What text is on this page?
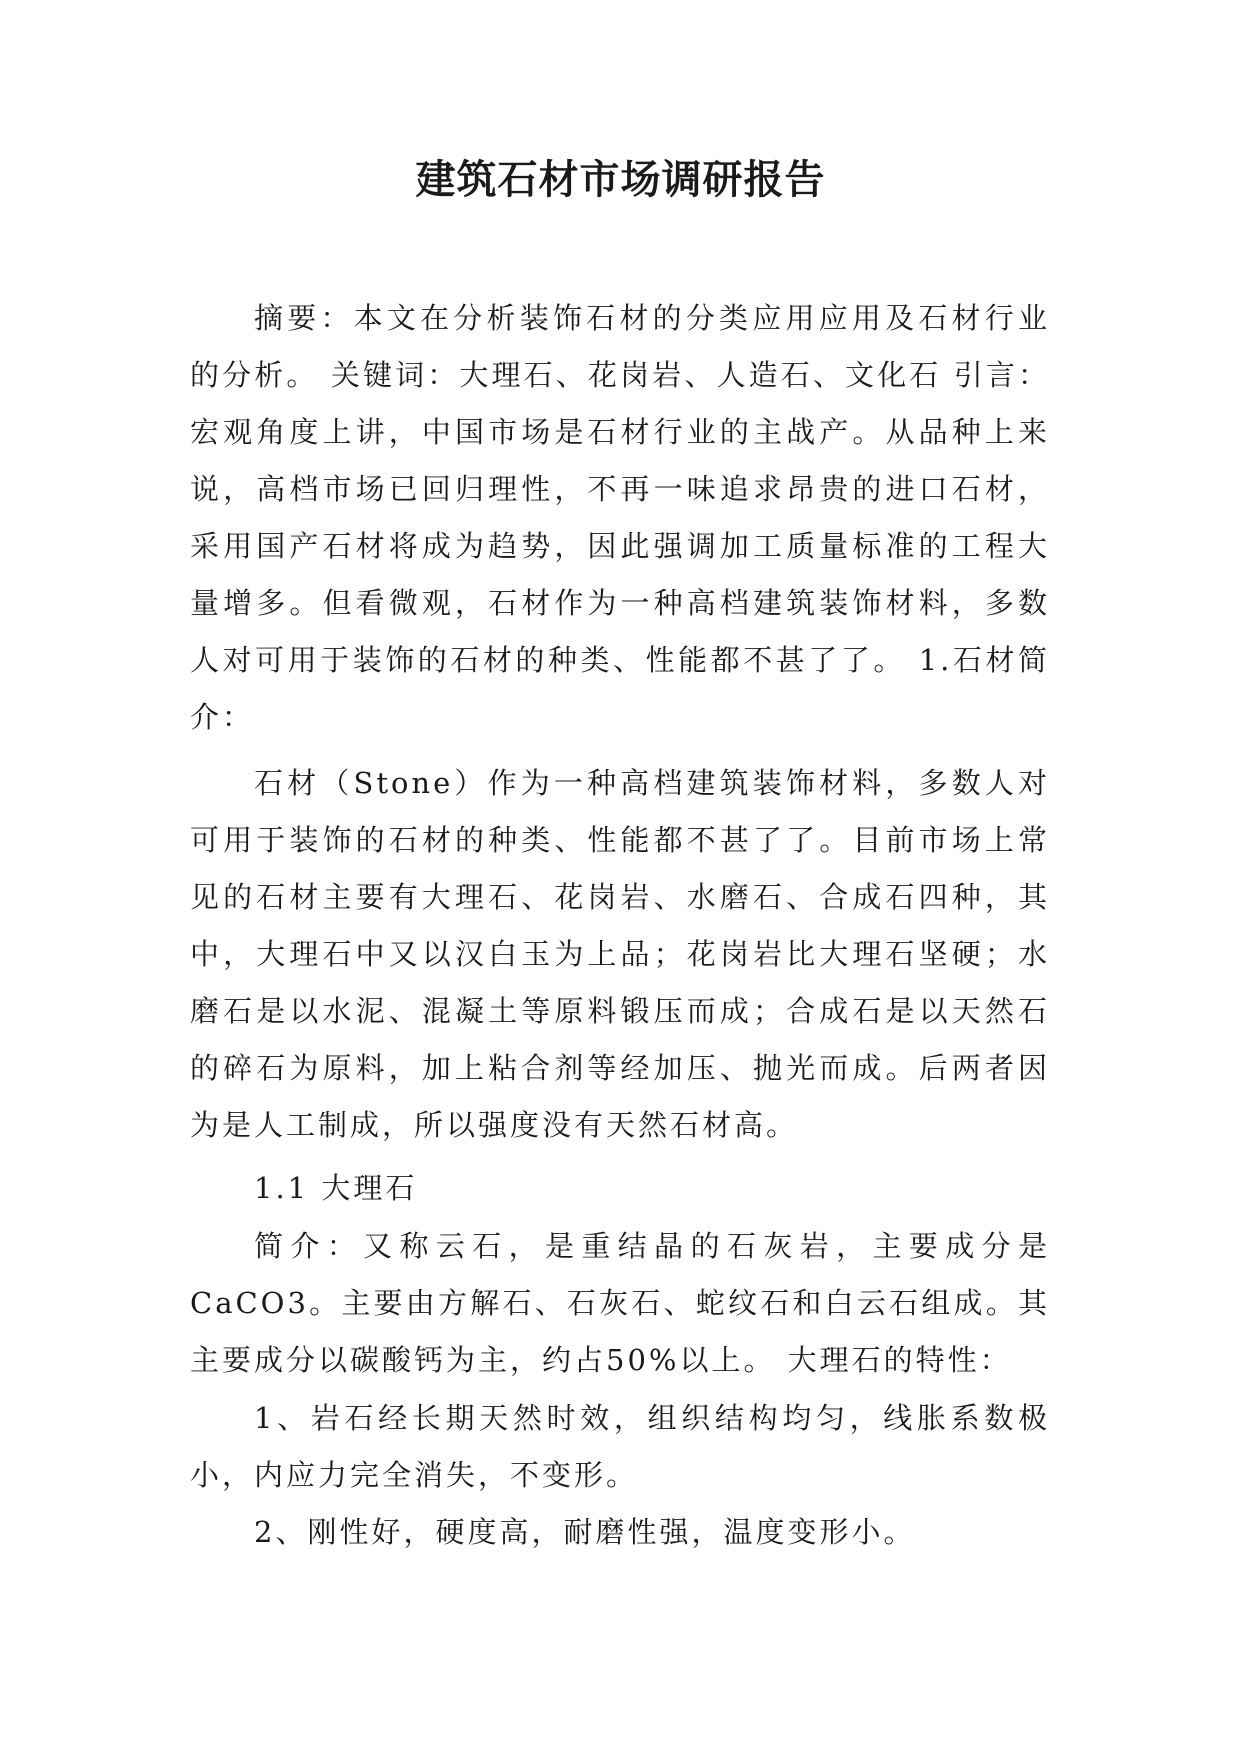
建筑石材市场调研报告

摘要：本文在分析装饰石材的分类应用应用及石材行业的分析。 关键词：大理石、花岗岩、人造石、文化石 引言：宏观角度上讲，中国市场是石材行业的主战产。从品种上来说，高档市场已回归理性，不再一味追求昂贵的进口石材，采用国产石材将成为趋势，因此强调加工质量标准的工程大量增多。但看微观，石材作为一种高档建筑装饰材料，多数人对可用于装饰的石材的种类、性能都不甚了了。 1.石材简介：

石材（Stone）作为一种高档建筑装饰材料，多数人对可用于装饰的石材的种类、性能都不甚了了。目前市场上常见的石材主要有大理石、花岗岩、水磨石、合成石四种，其中，大理石中又以汉白玉为上品；花岗岩比大理石坚硬；水磨石是以水泥、混凝土等原料锻压而成；合成石是以天然石的碎石为原料，加上粘合剂等经加压、抛光而成。后两者因为是人工制成，所以强度没有天然石材高。

1.1 大理石

简介：又称云石，是重结晶的石灰岩，主要成分是CaCO3。主要由方解石、石灰石、蛇纹石和白云石组成。其主要成分以碳酸钙为主，约占50%以上。 大理石的特性：

1、岩石经长期天然时效，组织结构均匀，线胀系数极小，内应力完全消失，不变形。

2、刚性好，硬度高，耐磨性强，温度变形小。
